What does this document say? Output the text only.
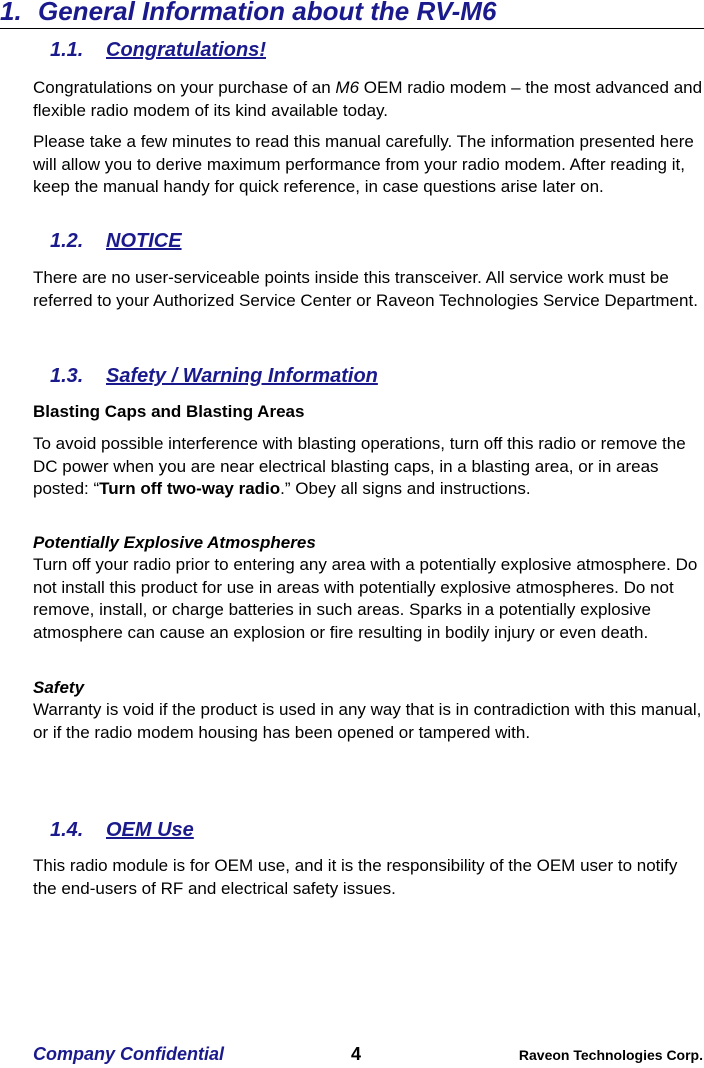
1. General Information about the RV-M6
1.1. Congratulations!
Congratulations on your purchase of an M6 OEM radio modem – the most advanced and flexible radio modem of its kind available today.
Please take a few minutes to read this manual carefully. The information presented here will allow you to derive maximum performance from your radio modem. After reading it, keep the manual handy for quick reference, in case questions arise later on.
1.2. NOTICE
There are no user-serviceable points inside this transceiver. All service work must be referred to your Authorized Service Center or Raveon Technologies Service Department.
1.3. Safety / Warning Information
Blasting Caps and Blasting Areas
To avoid possible interference with blasting operations, turn off this radio or remove the DC power when you are near electrical blasting caps, in a blasting area, or in areas posted: “Turn off two-way radio.” Obey all signs and instructions.
Potentially Explosive Atmospheres
Turn off your radio prior to entering any area with a potentially explosive atmosphere. Do not install this product for use in areas with potentially explosive atmospheres. Do not remove, install, or charge batteries in such areas. Sparks in a potentially explosive atmosphere can cause an explosion or fire resulting in bodily injury or even death.
Safety
Warranty is void if the product is used in any way that is in contradiction with this manual, or if the radio modem housing has been opened or tampered with.
1.4. OEM Use
This radio module is for OEM use, and it is the responsibility of the OEM user to notify the end-users of RF and electrical safety issues.
Company Confidential	4	Raveon Technologies Corp.
